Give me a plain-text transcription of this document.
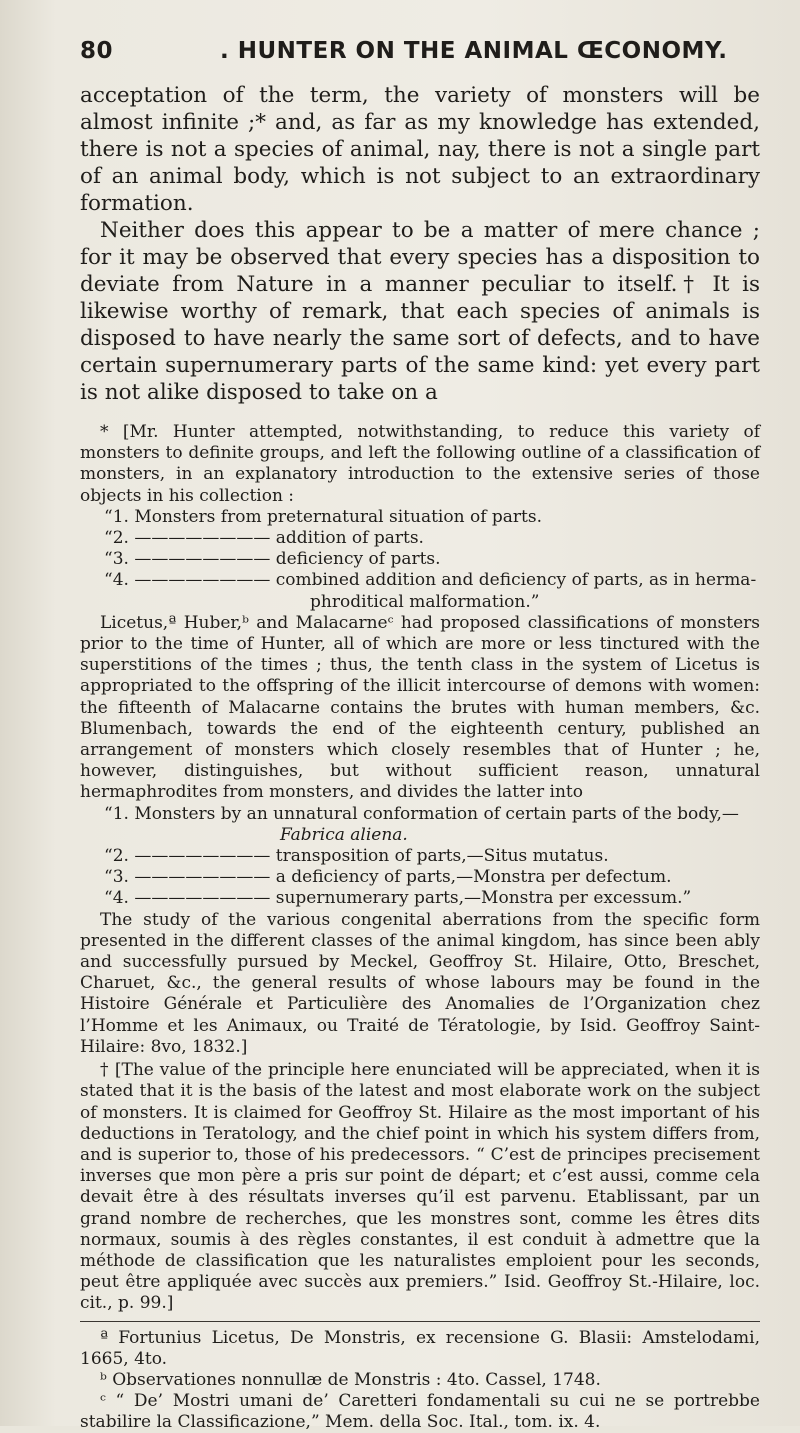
80	. HUNTER ON THE ANIMAL ŒCONOMY.

acceptation of the term, the variety of monsters will be almost infinite ;* and, as far as my knowledge has extended, there is not a species of animal, nay, there is not a single part of an animal body, which is not subject to an extraordinary formation.

Neither does this appear to be a matter of mere chance ; for it may be observed that every species has a disposition to deviate from Nature in a manner peculiar to itself.† It is likewise worthy of remark, that each species of animals is disposed to have nearly the same sort of defects, and to have certain supernumerary parts of the same kind: yet every part is not alike disposed to take on a

* [Mr. Hunter attempted, notwithstanding, to reduce this variety of monsters to definite groups, and left the following outline of a classification of monsters, in an explanatory introduction to the extensive series of those objects in his collection :

“1. Monsters from preternatural situation of parts.

“2. ———————— addition of parts.

“3. ———————— deficiency of parts.

“4. ———————— combined addition and deficiency of parts, as in herma-

phroditical malformation.”

Licetus,ª Huber,ᵇ and Malacarneᶜ had proposed classifications of monsters prior to the time of Hunter, all of which are more or less tinctured with the superstitions of the times ; thus, the tenth class in the system of Licetus is appropriated to the offspring of the illicit intercourse of demons with women: the fifteenth of Malacarne contains the brutes with human members, &c. Blumenbach, towards the end of the eighteenth century, published an arrangement of monsters which closely resembles that of Hunter ; he, however, distinguishes, but without sufficient reason, unnatural hermaphrodites from monsters, and divides the latter into

“1. Monsters by an unnatural conformation of certain parts of the body,—

Fabrica aliena.

“2. ———————— transposition of parts,—Situs mutatus.

“3. ———————— a deficiency of parts,—Monstra per defectum.

“4. ———————— supernumerary parts,—Monstra per excessum.”

The study of the various congenital aberrations from the specific form presented in the different classes of the animal kingdom, has since been ably and successfully pursued by Meckel, Geoffroy St. Hilaire, Otto, Breschet, Charuet, &c., the general results of whose labours may be found in the Histoire Générale et Particulière des Anomalies de l’Organization chez l’Homme et les Animaux, ou Traité de Tératologie, by Isid. Geoffroy Saint-Hilaire: 8vo, 1832.]

† [The value of the principle here enunciated will be appreciated, when it is stated that it is the basis of the latest and most elaborate work on the subject of monsters. It is claimed for Geoffroy St. Hilaire as the most important of his deductions in Teratology, and the chief point in which his system differs from, and is superior to, those of his predecessors. “ C’est de principes precisement inverses que mon père a pris sur point de départ; et c’est aussi, comme cela devait être à des résultats inverses qu’il est parvenu. Etablissant, par un grand nombre de recherches, que les monstres sont, comme les êtres dits normaux, soumis à des règles constantes, il est conduit à admettre que la méthode de classification que les naturalistes emploient pour les seconds, peut être appliquée avec succès aux premiers.” Isid. Geoffroy St.-Hilaire, loc. cit., p. 99.]

ª Fortunius Licetus, De Monstris, ex recensione G. Blasii: Amstelodami, 1665, 4to.

ᵇ Observationes nonnullæ de Monstris : 4to. Cassel, 1748.

ᶜ “ De’ Mostri umani de’ Caretteri fondamentali su cui ne se portrebbe stabilire la Classificazione,” Mem. della Soc. Ital., tom. ix. 4.
